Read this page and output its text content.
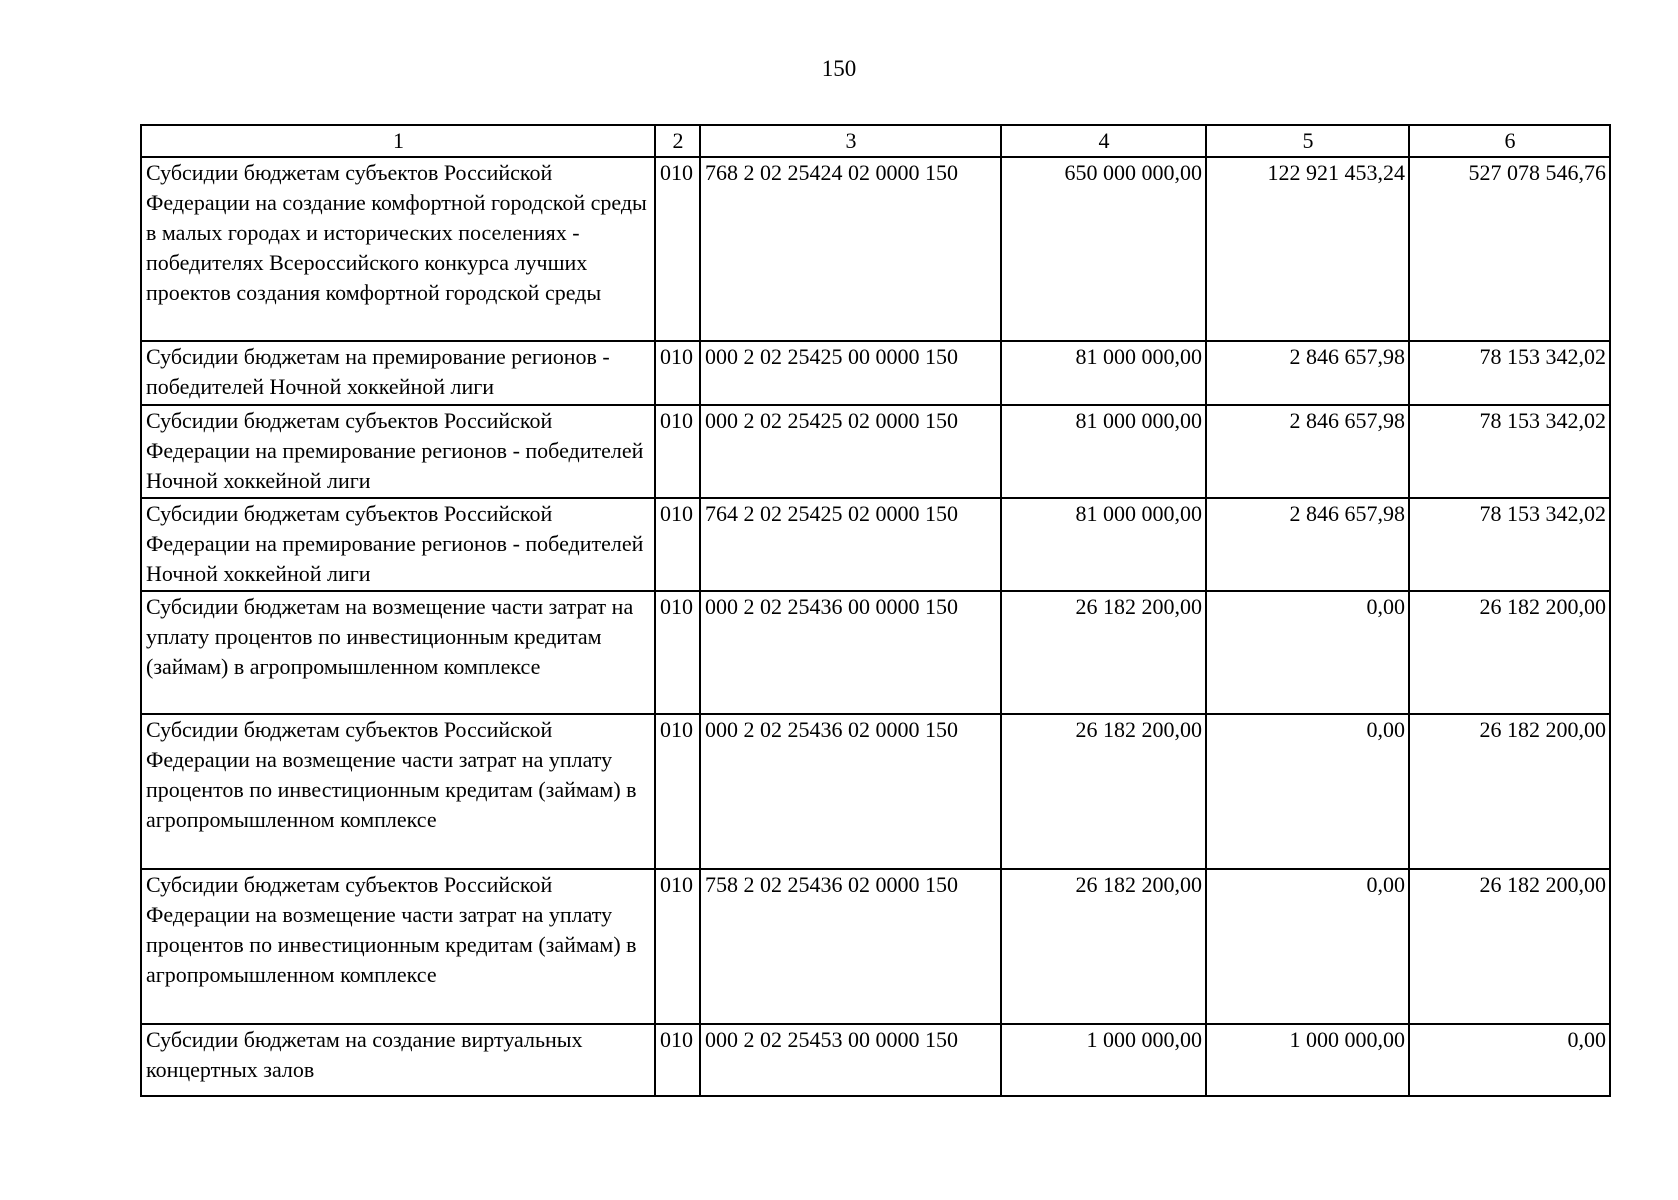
150
1	2	3	4	5	6
Субсидии бюджетам субъектов Российской Федерации на создание комфортной городской среды в малых городах и исторических поселениях - победителях Всероссийского конкурса лучших проектов создания комфортной городской среды	010	768 2 02 25424 02 0000 150	650 000 000,00	122 921 453,24	527 078 546,76
Субсидии бюджетам на премирование регионов - победителей Ночной хоккейной лиги	010	000 2 02 25425 00 0000 150	81 000 000,00	2 846 657,98	78 153 342,02
Субсидии бюджетам субъектов Российской Федерации на премирование регионов - победителей Ночной хоккейной лиги	010	000 2 02 25425 02 0000 150	81 000 000,00	2 846 657,98	78 153 342,02
Субсидии бюджетам субъектов Российской Федерации на премирование регионов - победителей Ночной хоккейной лиги	010	764 2 02 25425 02 0000 150	81 000 000,00	2 846 657,98	78 153 342,02
Субсидии бюджетам на возмещение части затрат на уплату процентов по инвестиционным кредитам (займам) в агропромышленном комплексе	010	000 2 02 25436 00 0000 150	26 182 200,00	0,00	26 182 200,00
Субсидии бюджетам субъектов Российской Федерации на возмещение части затрат на уплату процентов по инвестиционным кредитам (займам) в агропромышленном комплексе	010	000 2 02 25436 02 0000 150	26 182 200,00	0,00	26 182 200,00
Субсидии бюджетам субъектов Российской Федерации на возмещение части затрат на уплату процентов по инвестиционным кредитам (займам) в агропромышленном комплексе	010	758 2 02 25436 02 0000 150	26 182 200,00	0,00	26 182 200,00
Субсидии бюджетам на создание виртуальных концертных залов	010	000 2 02 25453 00 0000 150	1 000 000,00	1 000 000,00	0,00
